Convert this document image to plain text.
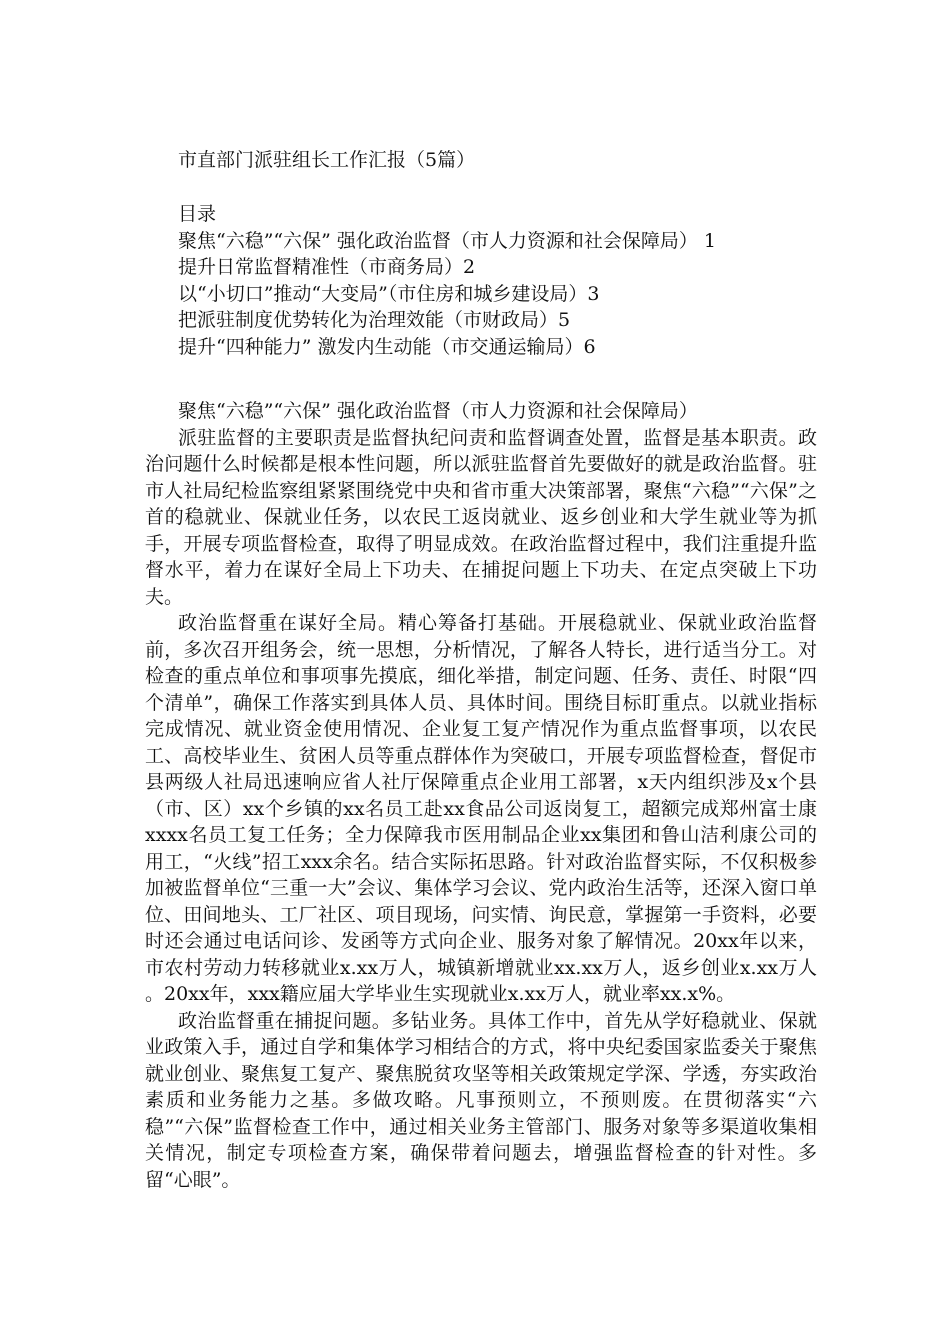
市直部门派驻组长工作汇报（5篇）
目录
聚焦“六稳”“六保” 强化政治监督（市人力资源和社会保障局） 1
提升日常监督精准性（市商务局）2
以“小切口”推动“大变局”（市住房和城乡建设局）3
把派驻制度优势转化为治理效能（市财政局）5
提升“四种能力” 激发内生动能（市交通运输局）6

聚焦“六稳”“六保” 强化政治监督（市人力资源和社会保障局）

派驻监督的主要职责是监督执纪问责和监督调查处置，监督是基本职责。政治问题什么时候都是根本性问题，所以派驻监督首先要做好的就是政治监督。驻市人社局纪检监察组紧紧围绕党中央和省市重大决策部署，聚焦“六稳”“六保”之首的稳就业、保就业任务，以农民工返岗就业、返乡创业和大学生就业等为抓手，开展专项监督检查，取得了明显成效。在政治监督过程中，我们注重提升监督水平，着力在谋好全局上下功夫、在捕捉问题上下功夫、在定点突破上下功夫。

政治监督重在谋好全局。精心筹备打基础。开展稳就业、保就业政治监督前，多次召开组务会，统一思想，分析情况，了解各人特长，进行适当分工。对检查的重点单位和事项事先摸底，细化举措，制定问题、任务、责任、时限“四个清单”，确保工作落实到具体人员、具体时间。围绕目标盯重点。以就业指标完成情况、就业资金使用情况、企业复工复产情况作为重点监督事项，以农民工、高校毕业生、贫困人员等重点群体作为突破口，开展专项监督检查，督促市县两级人社局迅速响应省人社厅保障重点企业用工部署，x天内组织涉及x个县（市、区）xx个乡镇的xx名员工赴xx食品公司返岗复工，超额完成郑州富士康xxxx名员工复工任务；全力保障我市医用制品企业xx集团和鲁山洁利康公司的用工，“火线”招工xxx余名。结合实际拓思路。针对政治监督实际，不仅积极参加被监督单位“三重一大”会议、集体学习会议、党内政治生活等，还深入窗口单位、田间地头、工厂社区、项目现场，问实情、询民意，掌握第一手资料，必要时还会通过电话问诊、发函等方式向企业、服务对象了解情况。20xx年以来，市农村劳动力转移就业x.xx万人，城镇新增就业xx.xx万人，返乡创业x.xx万人 。20xx年，xxx籍应届大学毕业生实现就业x.xx万人，就业率xx.x%。

政治监督重在捕捉问题。多钻业务。具体工作中，首先从学好稳就业、保就业政策入手，通过自学和集体学习相结合的方式，将中央纪委国家监委关于聚焦就业创业、聚焦复工复产、聚焦脱贫攻坚等相关政策规定学深、学透，夯实政治素质和业务能力之基。多做攻略。凡事预则立，不预则废。在贯彻落实“六稳”“六保”监督检查工作中，通过相关业务主管部门、服务对象等多渠道收集相关情况，制定专项检查方案，确保带着问题去，增强监督检查的针对性。多留“心眼”。
